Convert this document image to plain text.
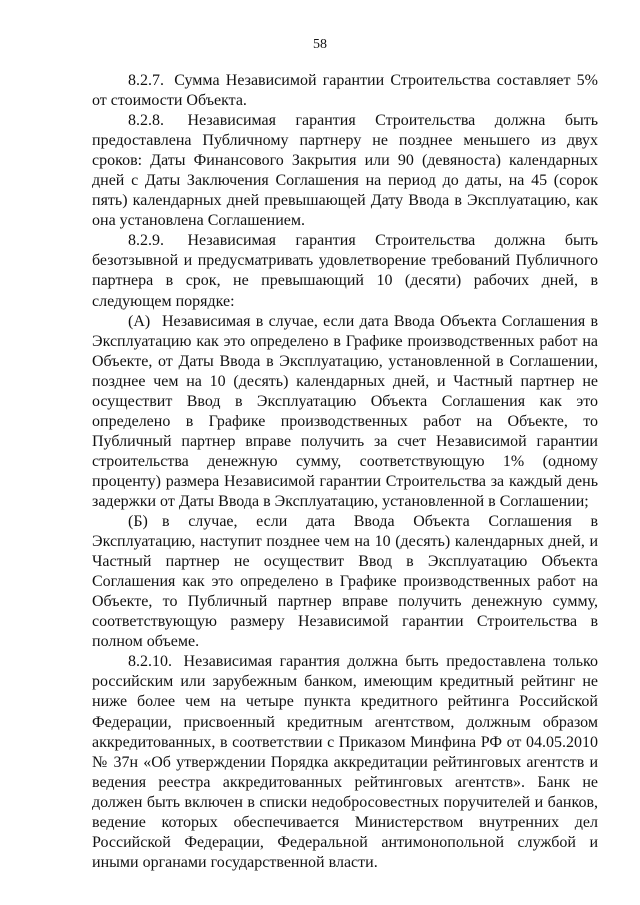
58

8.2.7. Сумма Независимой гарантии Строительства составляет 5% от стоимости Объекта.

8.2.8. Независимая гарантия Строительства должна быть предоставлена Публичному партнеру не позднее меньшего из двух сроков: Даты Финансового Закрытия или 90 (девяноста) календарных дней с Даты Заключения Соглашения на период до даты, на 45 (сорок пять) календарных дней превышающей Дату Ввода в Эксплуатацию, как она установлена Соглашением.

8.2.9. Независимая гарантия Строительства должна быть безотзывной и предусматривать удовлетворение требований Публичного партнера в срок, не превышающий 10 (десяти) рабочих дней, в следующем порядке:

(А) Независимая в случае, если дата Ввода Объекта Соглашения в Эксплуатацию как это определено в Графике производственных работ на Объекте, от Даты Ввода в Эксплуатацию, установленной в Соглашении, позднее чем на 10 (десять) календарных дней, и Частный партнер не осуществит Ввод в Эксплуатацию Объекта Соглашения как это определено в Графике производственных работ на Объекте, то Публичный партнер вправе получить за счет Независимой гарантии строительства денежную сумму, соответствующую 1% (одному проценту) размера Независимой гарантии Строительства за каждый день задержки от Даты Ввода в Эксплуатацию, установленной в Соглашении;

(Б) в случае, если дата Ввода Объекта Соглашения в Эксплуатацию, наступит позднее чем на 10 (десять) календарных дней, и Частный партнер не осуществит Ввод в Эксплуатацию Объекта Соглашения как это определено в Графике производственных работ на Объекте, то Публичный партнер вправе получить денежную сумму, соответствующую размеру Независимой гарантии Строительства в полном объеме.

8.2.10. Независимая гарантия должна быть предоставлена только российским или зарубежным банком, имеющим кредитный рейтинг не ниже более чем на четыре пункта кредитного рейтинга Российской Федерации, присвоенный кредитным агентством, должным образом аккредитованных, в соответствии с Приказом Минфина РФ от 04.05.2010 № 37н «Об утверждении Порядка аккредитации рейтинговых агентств и ведения реестра аккредитованных рейтинговых агентств». Банк не должен быть включен в списки недобросовестных поручителей и банков, ведение которых обеспечивается Министерством внутренних дел Российской Федерации, Федеральной антимонопольной службой и иными органами государственной власти.
